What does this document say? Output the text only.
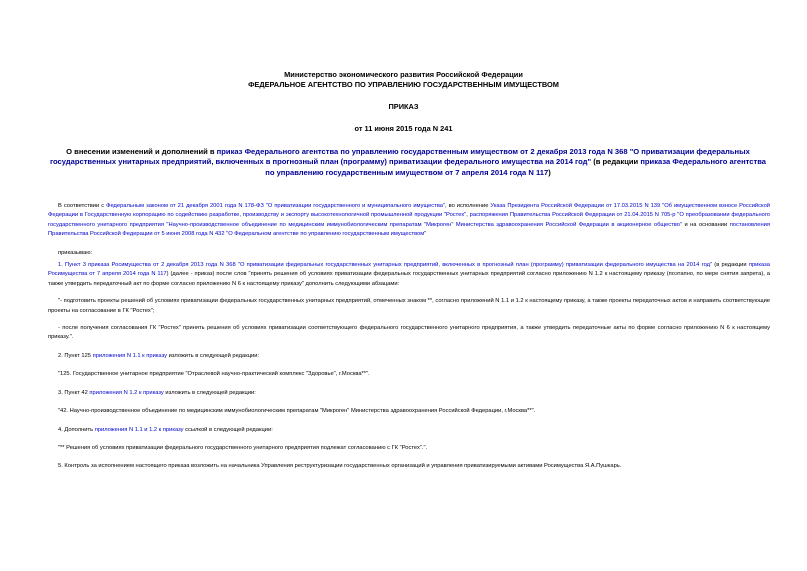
Министерство экономического развития Российской Федерации
ФЕДЕРАЛЬНОЕ АГЕНТСТВО ПО УПРАВЛЕНИЮ ГОСУДАРСТВЕННЫМ ИМУЩЕСТВОМ
ПРИКАЗ
от 11 июня 2015 года N 241
О внесении изменений и дополнений в приказ Федерального агентства по управлению государственным имуществом от 2 декабря 2013 года N 368 "О приватизации федеральных государственных унитарных предприятий, включенных в прогнозный план (программу) приватизации федерального имущества на 2014 год" (в редакции приказа Федерального агентства по управлению государственным имуществом от 7 апреля 2014 года N 117)

В соответствии с Федеральным законом от 21 декабря 2001 года N 178-ФЗ "О приватизации государственного и муниципального имущества", во исполнение Указа Президента Российской Федерации от 17.03.2015 N 139 "Об имущественном взносе Российской Федерации в Государственную корпорацию по содействию разработке, производству и экспорту высокотехнологичной промышленной продукции "Ростех", распоряжения Правительства Российской Федерации от 21.04.2015 N 705-р "О преобразовании федерального государственного унитарного предприятия "Научно-производственное объединение по медицинским иммунобиологическим препаратам "Микроген" Министерства здравоохранения Российской Федерации в акционерное общество" и на основании постановления Правительства Российской Федерации от 5 июня 2008 года N 432 "О Федеральном агентстве по управлению государственным имуществом"

приказываю:

1. Пункт 3 приказа Росимущества от 2 декабря 2013 года N 368 "О приватизации федеральных государственных унитарных предприятий, включенных в прогнозный план (программу) приватизации федерального имущества на 2014 год" (в редакции приказа Росимущества от 7 апреля 2014 года N 117) (далее - приказ) после слов "принять решения об условиях приватизации федеральных государственных унитарных предприятий согласно приложению N 1.2 к настоящему приказу (поэтапно, по мере снятия запрета), а также утвердить передаточный акт по форме согласно приложению N 6 к настоящему приказу" дополнить следующими абзацами:

"- подготовить проекты решений об условиях приватизации федеральных государственных унитарных предприятий, отмеченных знаком **, согласно приложений N 1.1 и 1.2 к настоящему приказу, а также проекты передаточных актов и направить соответствующие проекты на согласование в ГК "Ростех";

- после получения согласования ГК "Ростех" принять решения об условиях приватизации соответствующего федерального государственного унитарного предприятия, а также утвердить передаточные акты по форме согласно приложению N 6 к настоящему приказу.".

2. Пункт 125 приложения N 1.1 к приказу изложить в следующей редакции:

"125. Государственное унитарное предприятие "Отраслевой научно-практический комплекс "Здоровье", г.Москва**".

3. Пункт 42 приложения N 1.2 к приказу изложить в следующей редакции:

"42. Научно-производственное объединение по медицинским иммунобиологическим препаратам "Микроген" Министерства здравоохранения Российской Федерации, г.Москва**".

4. Дополнить приложения N 1.1 и 1.2 к приказу ссылкой в следующей редакции:

"** Решения об условиях приватизации федерального государственного унитарного предприятия подлежат согласованию с ГК "Ростех".".

5. Контроль за исполнением настоящего приказа возложить на начальника Управления реструктуризации государственных организаций и управления приватизируемыми активами Росимущества Я.А.Пушкарь.
